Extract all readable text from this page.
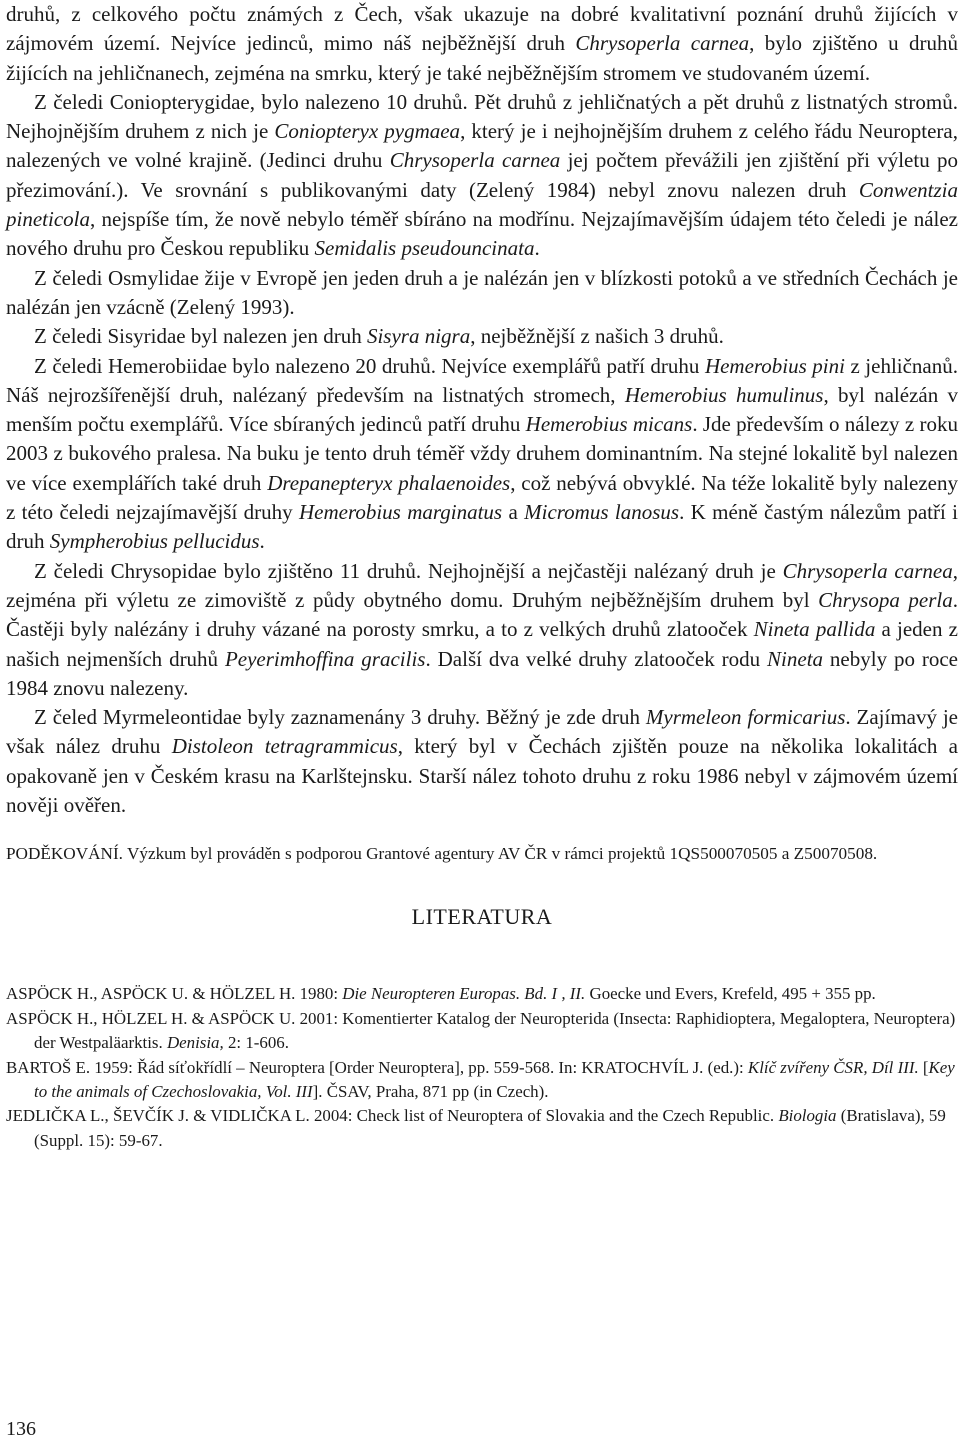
druhů, z celkového počtu známých z Čech, však ukazuje na dobré kvalitativní poznání druhů žijících v zájmovém území. Nejvíce jedinců, mimo náš nejběžnější druh Chrysoperla carnea, bylo zjištěno u druhů žijících na jehličnanech, zejména na smrku, který je také nejběžnějším stromem ve studovaném území.

Z čeledi Coniopterygidae, bylo nalezeno 10 druhů. Pět druhů z jehličnatých a pět druhů z listnatých stromů. Nejhojnějším druhem z nich je Coniopteryx pygmaea, který je i nejhojnějším druhem z celého řádu Neuroptera, nalezených ve volné krajině. (Jedinci druhu Chrysoperla carnea jej počtem převážili jen zjištění při výletu po přezimování.). Ve srovnání s publikovanými daty (Zelený 1984) nebyl znovu nalezen druh Conwentzia pineticola, nejspíše tím, že nově nebylo téměř sbíráno na modřínu. Nejzajímavějším údajem této čeledi je nález nového druhu pro Českou republiku Semidalis pseudouncinata.

Z čeledi Osmylidae žije v Evropě jen jeden druh a je nalézán jen v blízkosti potoků a ve středních Čechách je nalézán jen vzácně (Zelený 1993).

Z čeledi Sisyridae byl nalezen jen druh Sisyra nigra, nejběžnější z našich 3 druhů.

Z čeledi Hemerobiidae bylo nalezeno 20 druhů. Nejvíce exemplářů patří druhu Hemerobius pini z jehličnanů. Náš nejrozšířenější druh, nalézaný především na listnatých stromech, Hemerobius humulinus, byl nalézán v menším počtu exemplářů. Více sbíraných jedinců patří druhu Hemerobius micans. Jde především o nálezy z roku 2003 z bukového pralesa. Na buku je tento druh téměř vždy druhem dominantním. Na stejné lokalitě byl nalezen ve více exemplářích také druh Drepanepteryx phalaenoides, což nebývá obvyklé. Na téže lokalitě byly nalezeny z této čeledi nejzajímavější druhy Hemerobius marginatus a Micromus lanosus. K méně častým nálezům patří i druh Sympherobius pellucidus.

Z čeledi Chrysopidae bylo zjištěno 11 druhů. Nejhojnější a nejčastěji nalézaný druh je Chrysoperla carnea, zejména při výletu ze zimoviště z půdy obytného domu. Druhým nejběžnějším druhem byl Chrysopa perla. Častěji byly nalézány i druhy vázané na porosty smrku, a to z velkých druhů zlatooček Nineta pallida a jeden z našich nejmenších druhů Peyerimhoffina gracilis. Další dva velké druhy zlatooček rodu Nineta nebyly po roce 1984 znovu nalezeny.

Z čeled Myrmeleontidae byly zaznamenány 3 druhy. Běžný je zde druh Myrmeleon formicarius. Zajímavý je však nález druhu Distoleon tetragrammicus, který byl v Čechách zjištěn pouze na několika lokalitách a opakovaně jen v Českém krasu na Karlštejnsku. Starší nález tohoto druhu z roku 1986 nebyl v zájmovém území nověji ověřen.

PODĚKOVÁNÍ. Výzkum byl prováděn s podporou Grantové agentury AV ČR v rámci projektů 1QS500070505 a Z50070508.
LITERATURA

ASPÖCK H., ASPÖCK U. & HÖLZEL H. 1980: Die Neuropteren Europas. Bd. I , II. Goecke und Evers, Krefeld, 495 + 355 pp.

ASPÖCK H., HÖLZEL H. & ASPÖCK U. 2001: Komentierter Katalog der Neuropterida (Insecta: Raphidioptera, Megaloptera, Neuroptera) der Westpaläarktis. Denisia, 2: 1-606.

BARTOŠ E. 1959: Řád síťokřídlí – Neuroptera [Order Neuroptera], pp. 559-568. In: KRATOCHVÍL J. (ed.): Klíč zvířeny ČSR, Díl III. [Key to the animals of Czechoslovakia, Vol. III]. ČSAV, Praha, 871 pp (in Czech).

JEDLIČKA L., ŠEVČÍK J. & VIDLIČKA L. 2004: Check list of Neuroptera of Slovakia and the Czech Republic. Biologia (Bratislava), 59 (Suppl. 15): 59-67.

136
